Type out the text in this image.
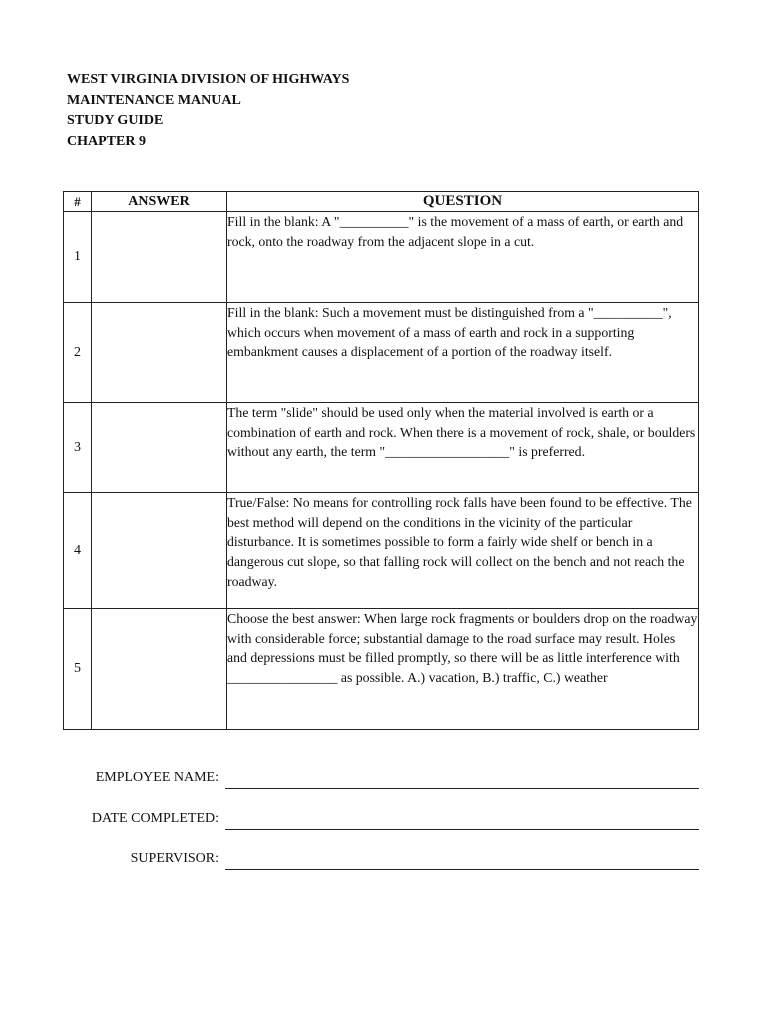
WEST VIRGINIA DIVISION OF HIGHWAYS
MAINTENANCE MANUAL
STUDY GUIDE
CHAPTER 9
#	ANSWER	QUESTION
1		Fill in the blank: A "__________" is the movement of a mass of earth, or earth and rock, onto the roadway from the adjacent slope in a cut.
2		Fill in the blank: Such a movement must be distinguished from a "__________", which occurs when movement of a mass of earth and rock in a supporting embankment causes a displacement of a portion of the roadway itself.
3		The term "slide" should be used only when the material involved is earth or a combination of earth and rock. When there is a movement of rock, shale, or boulders without any earth, the term "__________________" is preferred.
4		True/False: No means for controlling rock falls have been found to be effective. The best method will depend on the conditions in the vicinity of the particular disturbance. It is sometimes possible to form a fairly wide shelf or bench in a dangerous cut slope, so that falling rock will collect on the bench and not reach the roadway.
5		Choose the best answer: When large rock fragments or boulders drop on the roadway with considerable force; substantial damage to the road surface may result. Holes and depressions must be filled promptly, so there will be as little interference with ________________ as possible. A.) vacation, B.) traffic, C.) weather
EMPLOYEE NAME:
DATE COMPLETED:
SUPERVISOR:
